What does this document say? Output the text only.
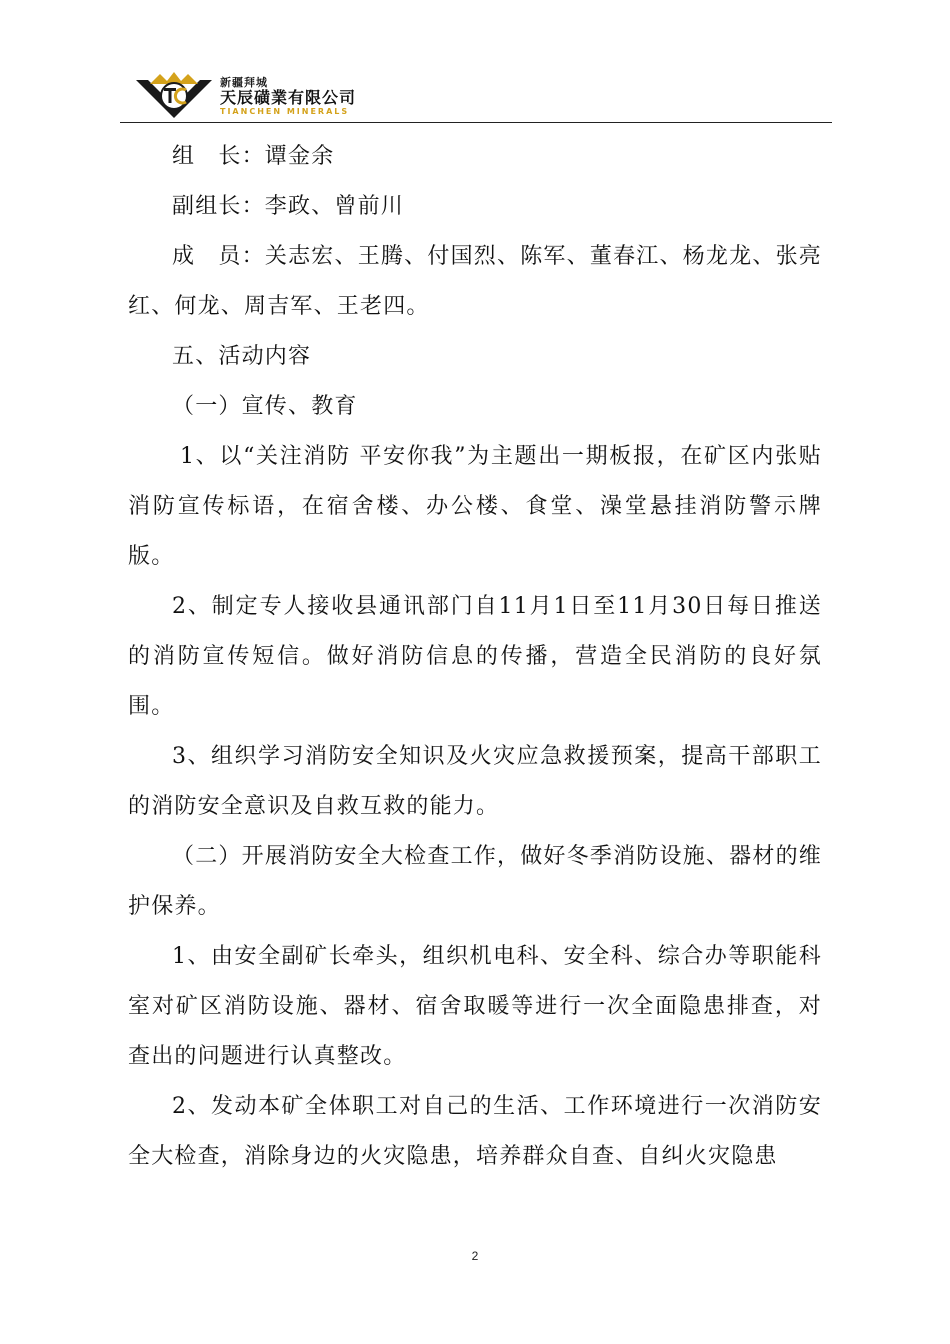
新疆拜城
天辰磺業有限公司
TIANCHEN MINERALS

组　长：谭金余

副组长：李政、曾前川

成　员：关志宏、王腾、付国烈、陈军、董春江、杨龙龙、张亮红、何龙、周吉军、王老四。

五、活动内容

（一）宣传、教育

1、以“关注消防 平安你我”为主题出一期板报，在矿区内张贴消防宣传标语，在宿舍楼、办公楼、食堂、澡堂悬挂消防警示牌版。

2、制定专人接收县通讯部门自11月1日至11月30日每日推送的消防宣传短信。做好消防信息的传播，营造全民消防的良好氛围。

3、组织学习消防安全知识及火灾应急救援预案，提高干部职工的消防安全意识及自救互救的能力。

（二）开展消防安全大检查工作，做好冬季消防设施、器材的维护保养。

1、由安全副矿长牵头，组织机电科、安全科、综合办等职能科室对矿区消防设施、器材、宿舍取暖等进行一次全面隐患排查，对查出的问题进行认真整改。

2、发动本矿全体职工对自己的生活、工作环境进行一次消防安全大检查，消除身边的火灾隐患，培养群众自查、自纠火灾隐患

2
